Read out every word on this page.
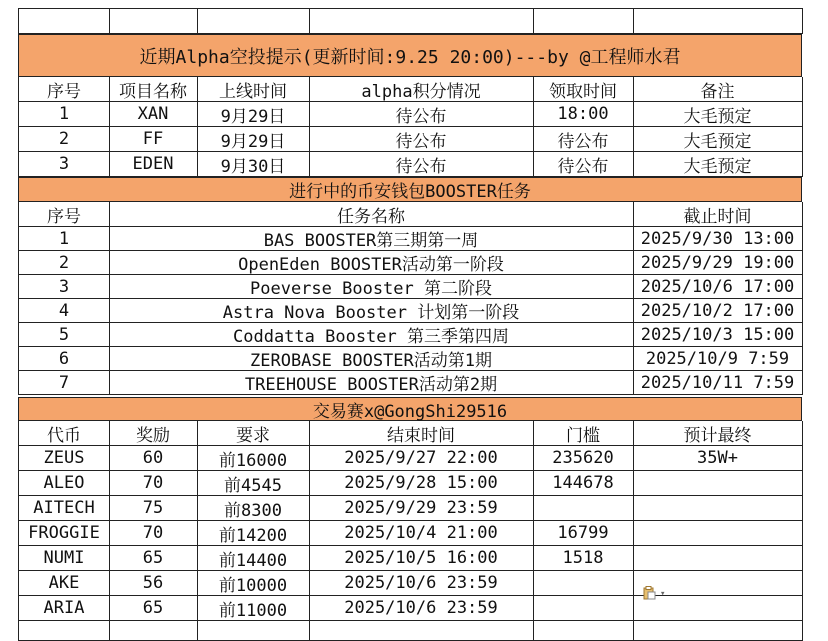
近期Alpha空投提示(更新时间:9.25 20:00)---by @工程师水君
序号	项目名称	上线时间	alpha积分情况	领取时间	备注
1	XAN	9月29日	待公布	18:00	大毛预定
2	FF	9月29日	待公布	待公布	大毛预定
3	EDEN	9月30日	待公布	待公布	大毛预定
进行中的币安钱包BOOSTER任务
序号	任务名称	截止时间
1	BAS BOOSTER第三期第一周	2025/9/30 13:00
2	OpenEden BOOSTER活动第一阶段	2025/9/29 19:00
3	Poeverse Booster 第二阶段	2025/10/6 17:00
4	Astra Nova Booster 计划第一阶段	2025/10/2 17:00
5	Coddatta Booster 第三季第四周	2025/10/3 15:00
6	ZEROBASE BOOSTER活动第1期	2025/10/9 7:59
7	TREEHOUSE BOOSTER活动第2期	2025/10/11 7:59
交易赛x@GongShi29516
代币	奖励	要求	结束时间	门槛	预计最终
ZEUS	60	前16000	2025/9/27 22:00	235620	35W+
ALEO	70	前4545	2025/9/28 15:00	144678
AITECH	75	前8300	2025/9/29 23:59
FROGGIE	70	前14200	2025/10/4 21:00	16799
NUMI	65	前14400	2025/10/5 16:00	1518
AKE	56	前10000	2025/10/6 23:59
ARIA	65	前11000	2025/10/6 23:59
▾
